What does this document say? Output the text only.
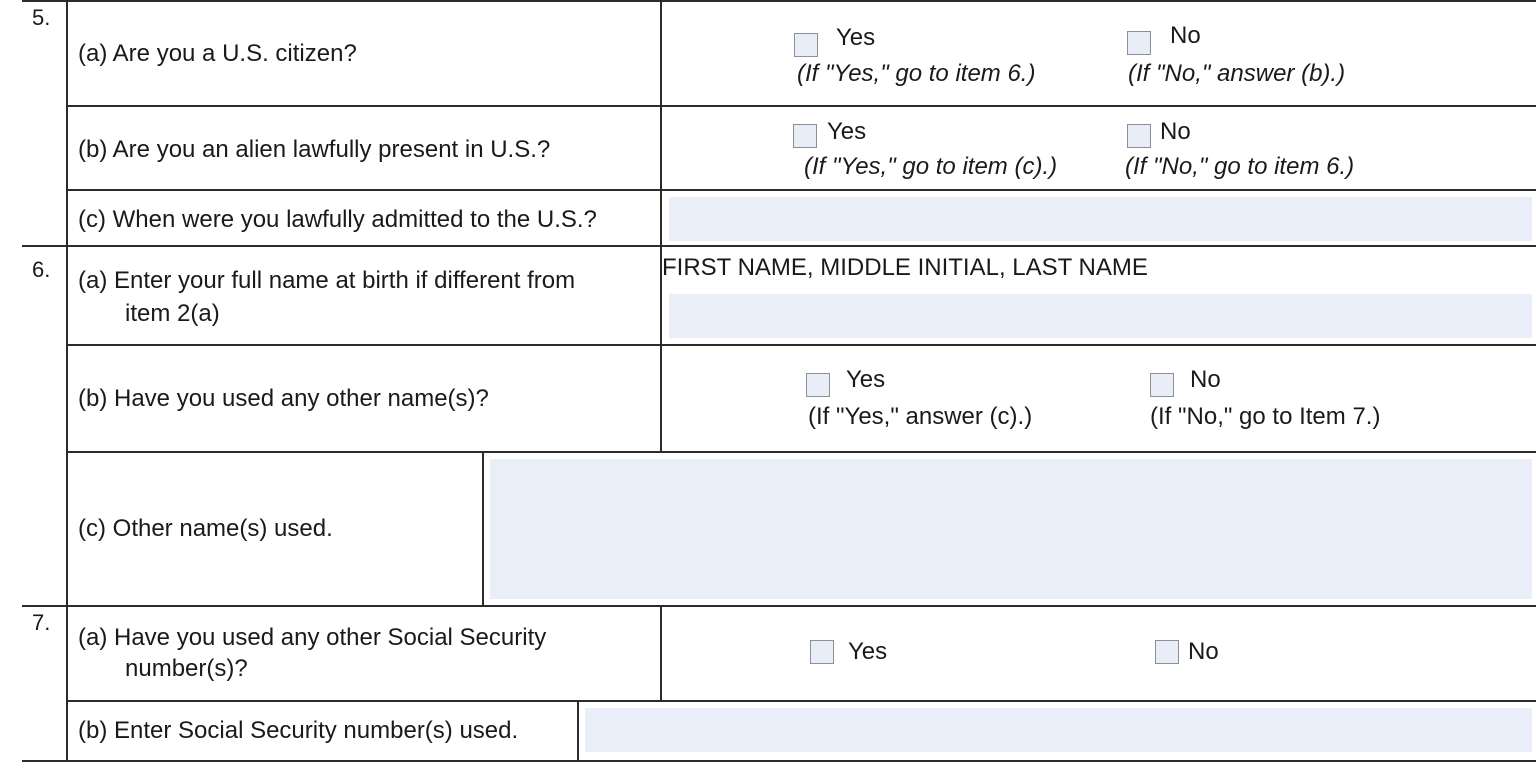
5.
(a) Are you a U.S. citizen?
Yes
(If "Yes," go to item 6.)
No
(If "No," answer (b).)
(b) Are you an alien lawfully present in U.S.?
Yes
(If "Yes," go to item (c).)
No
(If "No," go to item 6.)
(c) When were you lawfully admitted to the U.S.?
6. (a) Enter your full name at birth if different from
item 2(a)
FIRST NAME, MIDDLE INITIAL, LAST NAME
(b) Have you used any other name(s)?
Yes
(If "Yes," answer (c).)
No
(If "No," go to Item 7.)
(c) Other name(s) used.
7.
(a) Have you used any other Social Security
number(s)?
Yes	No
(b) Enter Social Security number(s) used.
